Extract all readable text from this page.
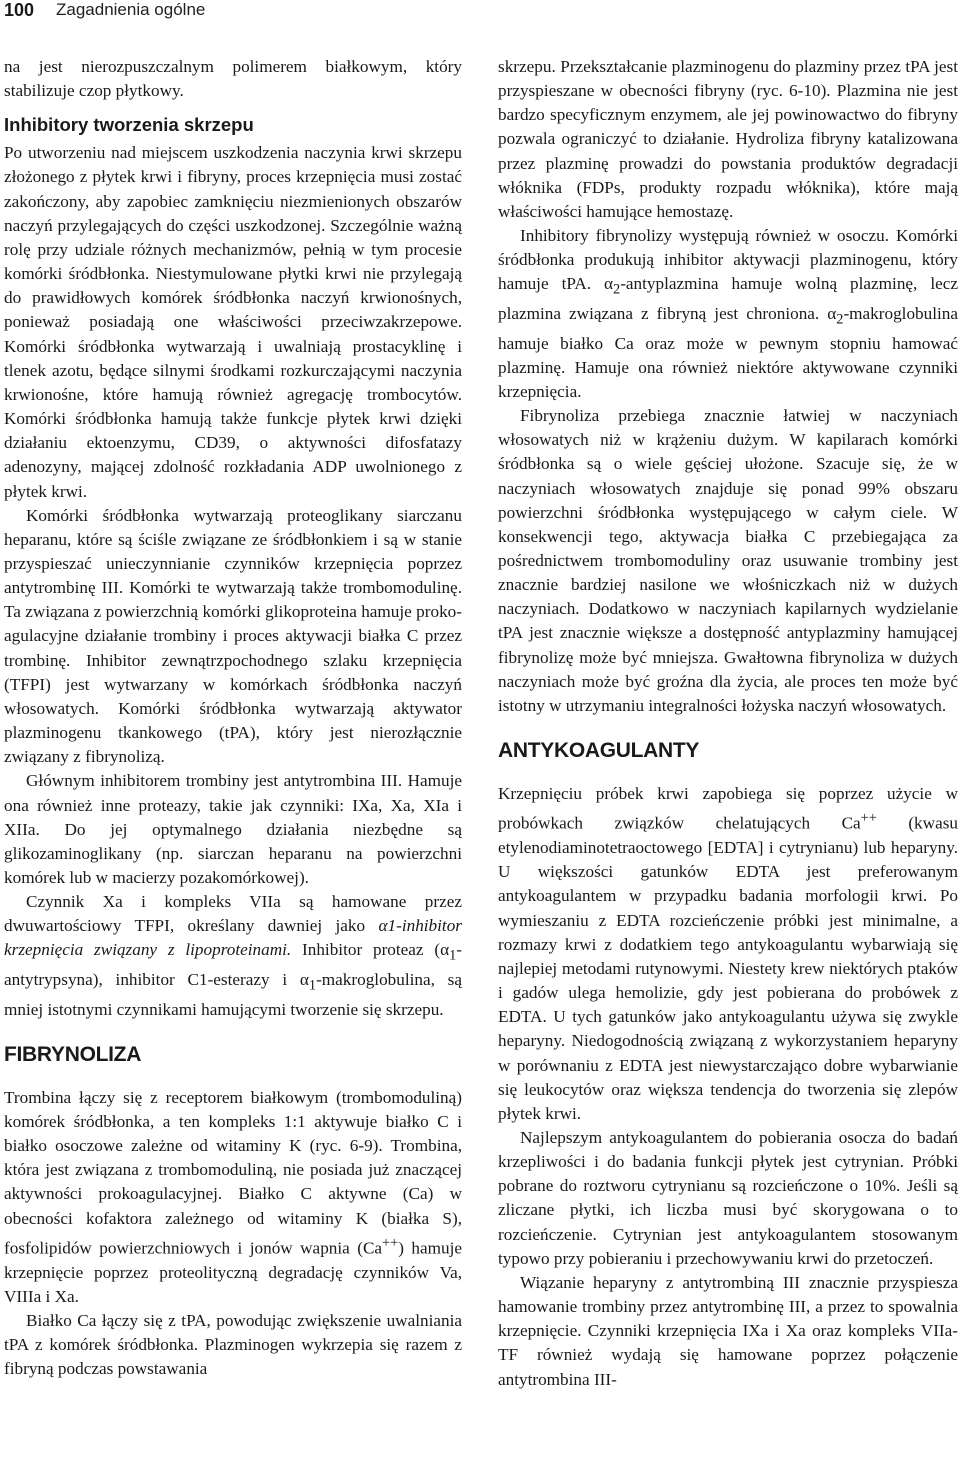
100 Zagadnienia ogólne

na jest nierozpuszczalnym polimerem białkowym, który stabilizuje czop płytkowy.

Inhibitory tworzenia skrzepu

Po utworzeniu nad miejscem uszkodzenia naczynia krwi skrzepu złożonego z płytek krwi i fibryny, proces krzepnięcia musi zostać zakończony, aby zapobiec zamknięciu niezmienionych obszarów naczyń przylegających do części uszkodzonej. Szczególnie ważną rolę przy udziale różnych mechanizmów, pełnią w tym procesie komórki śródbłonka. Niestymulowane płytki krwi nie przylegają do prawidłowych komórek śródbłonka naczyń krwionośnych, ponieważ posiadają one właściwości przeciwzakrzepowe. Komórki śródbłonka wytwarzają i uwalniają prostacyklinę i tlenek azotu, będące silnymi środkami rozkurczającymi naczynia krwionośne, które hamują również agregację trombocytów. Komórki śródbłonka hamują także funkcje płytek krwi dzięki działaniu ektoenzymu, CD39, o aktywności difosfatazy adenozyny, mającej zdolność rozkładania ADP uwolnionego z płytek krwi.

Komórki śródbłonka wytwarzają proteoglikany siarczanu heparanu, które są ściśle związane ze śródbłonkiem i są w stanie przyspieszać unieczynnianie czynników krzepnięcia poprzez antytrombinę III. Komórki te wytwarzają także trombomodulinę. Ta związana z powierzchnią komórki glikoproteina hamuje prokoagulacyjne działanie trombiny i proces aktywacji białka C przez trombinę. Inhibitor zewnątrzpochodnego szlaku krzepnięcia (TFPI) jest wytwarzany w komórkach śródbłonka naczyń włosowatych. Komórki śródbłonka wytwarzają aktywator plazminogenu tkankowego (tPA), który jest nierozłącznie związany z fibrynolizą.

Głównym inhibitorem trombiny jest antytrombina III. Hamuje ona również inne proteazy, takie jak czynniki: IXa, Xa, XIa i XIIa. Do jej optymalnego działania niezbędne są glikozaminoglikany (np. siarczan heparanu na powierzchni komórek lub w macierzy pozakomórkowej).

Czynnik Xa i kompleks VIIa są hamowane przez dwuwartościowy TFPI, określany dawniej jako α1-inhibitor krzepnięcia związany z lipoproteinami. Inhibitor proteaz $(\alpha_1-antytrypsyna)$, inhibitor C1-esterazy i $\alpha_1$-makroglobulina, są mniej istotnymi czynnikami hamującymi tworzenie się skrzepu.

FIBRYNOLIZA

Trombina łączy się z receptorem białkowym (trombomoduliną) komórek śródbłonka, a ten kompleks 1:1 aktywuje białko C i białko osoczowe zależne od witaminy K (ryc. 6-9). Trombina, która jest związana z trombomoduliną, nie posiada już znaczącej aktywności prokoagulacyjnej. Białko C aktywne (Ca) w obecności kofaktora zależnego od witaminy K (białka S), fosfolipidów powierzchniowych i jonów wapnia (Ca++) hamuje krzepnięcie poprzez proteolityczną degradację czynników Va, VIIIa i Xa.

Białko Ca łączy się z tPA, powodując zwiększenie uwalniania tPA z komórek śródbłonka. Plazminogen wykrzepia się razem z fibryną podczas powstawania

skrzepu. Przekształcanie plazminogenu do plazminy przez tPA jest przyspieszane w obecności fibryny (ryc. 6-10). Plazmina nie jest bardzo specyficznym enzymem, ale jej powinowactwo do fibryny pozwala ograniczyć to działanie. Hydroliza fibryny katalizowana przez plazminę prowadzi do powstania produktów degradacji włóknika (FDPs, produkty rozpadu włóknika), które mają właściwości hamujące hemostazę.

Inhibitory fibrynolizy występują również w osoczu. Komórki śródbłonka produkują inhibitor aktywacji plazminogenu, który hamuje tPA. $\alpha_2$-antyplazmina hamuje wolną plazminę, lecz plazmina związana z fibryną jest chroniona. $\alpha_2$-makroglobulina hamuje białko Ca oraz może w pewnym stopniu hamować plazminę. Hamuje ona również niektóre aktywowane czynniki krzepnięcia.

Fibrynoliza przebiega znacznie łatwiej w naczyniach włosowatych niż w krążeniu dużym. W kapilarach komórki śródbłonka są o wiele gęściej ułożone. Szacuje się, że w naczyniach włosowatych znajduje się ponad 99% obszaru powierzchni śródbłonka występującego w całym ciele. W konsekwencji tego, aktywacja białka C przebiegająca za pośrednictwem trombomoduliny oraz usuwanie trombiny jest znacznie bardziej nasilone we włośniczkach niż w dużych naczyniach. Dodatkowo w naczyniach kapilarnych wydzielanie tPA jest znacznie większe a dostępność antyplazminy hamującej fibrynolizę może być mniejsza. Gwałtowna fibrynoliza w dużych naczyniach może być groźna dla życia, ale proces ten może być istotny w utrzymaniu integralności łożyska naczyń włosowatych.

ANTYKOAGULANTY

Krzepnięciu próbek krwi zapobiega się poprzez użycie w probówkach związków chelatujących Ca++ (kwasu etylenodiaminotetraoctowego [EDTA] i cytrynianu) lub heparyny. U większości gatunków EDTA jest preferowanym antykoagulantem w przypadku badania morfologii krwi. Po wymieszaniu z EDTA rozcieńczenie próbki jest minimalne, a rozmazy krwi z dodatkiem tego antykoagulantu wybarwiają się najlepiej metodami rutynowymi. Niestety krew niektórych ptaków i gadów ulega hemolizie, gdy jest pobierana do probówek z EDTA. U tych gatunków jako antykoagulantu używa się zwykle heparyny. Niedogodnością związaną z wykorzystaniem heparyny w porównaniu z EDTA jest niewystarczająco dobre wybarwianie się leukocytów oraz większa tendencja do tworzenia się zlepów płytek krwi.

Najlepszym antykoagulantem do pobierania osocza do badań krzepliwości i do badania funkcji płytek jest cytrynian. Próbki pobrane do roztworu cytrynianu są rozcieńczone o 10%. Jeśli są zliczane płytki, ich liczba musi być skorygowana o to rozcieńczenie. Cytrynian jest antykoagulantem stosowanym typowo przy pobieraniu i przechowywaniu krwi do przetoczeń.

Wiązanie heparyny z antytrombiną III znacznie przyspiesza hamowanie trombiny przez antytrombinę III, a przez to spowalnia krzepnięcie. Czynniki krzepnięcia IXa i Xa oraz kompleks VIIa-TF również wydają się hamowane poprzez połączenie antytrombina III-
